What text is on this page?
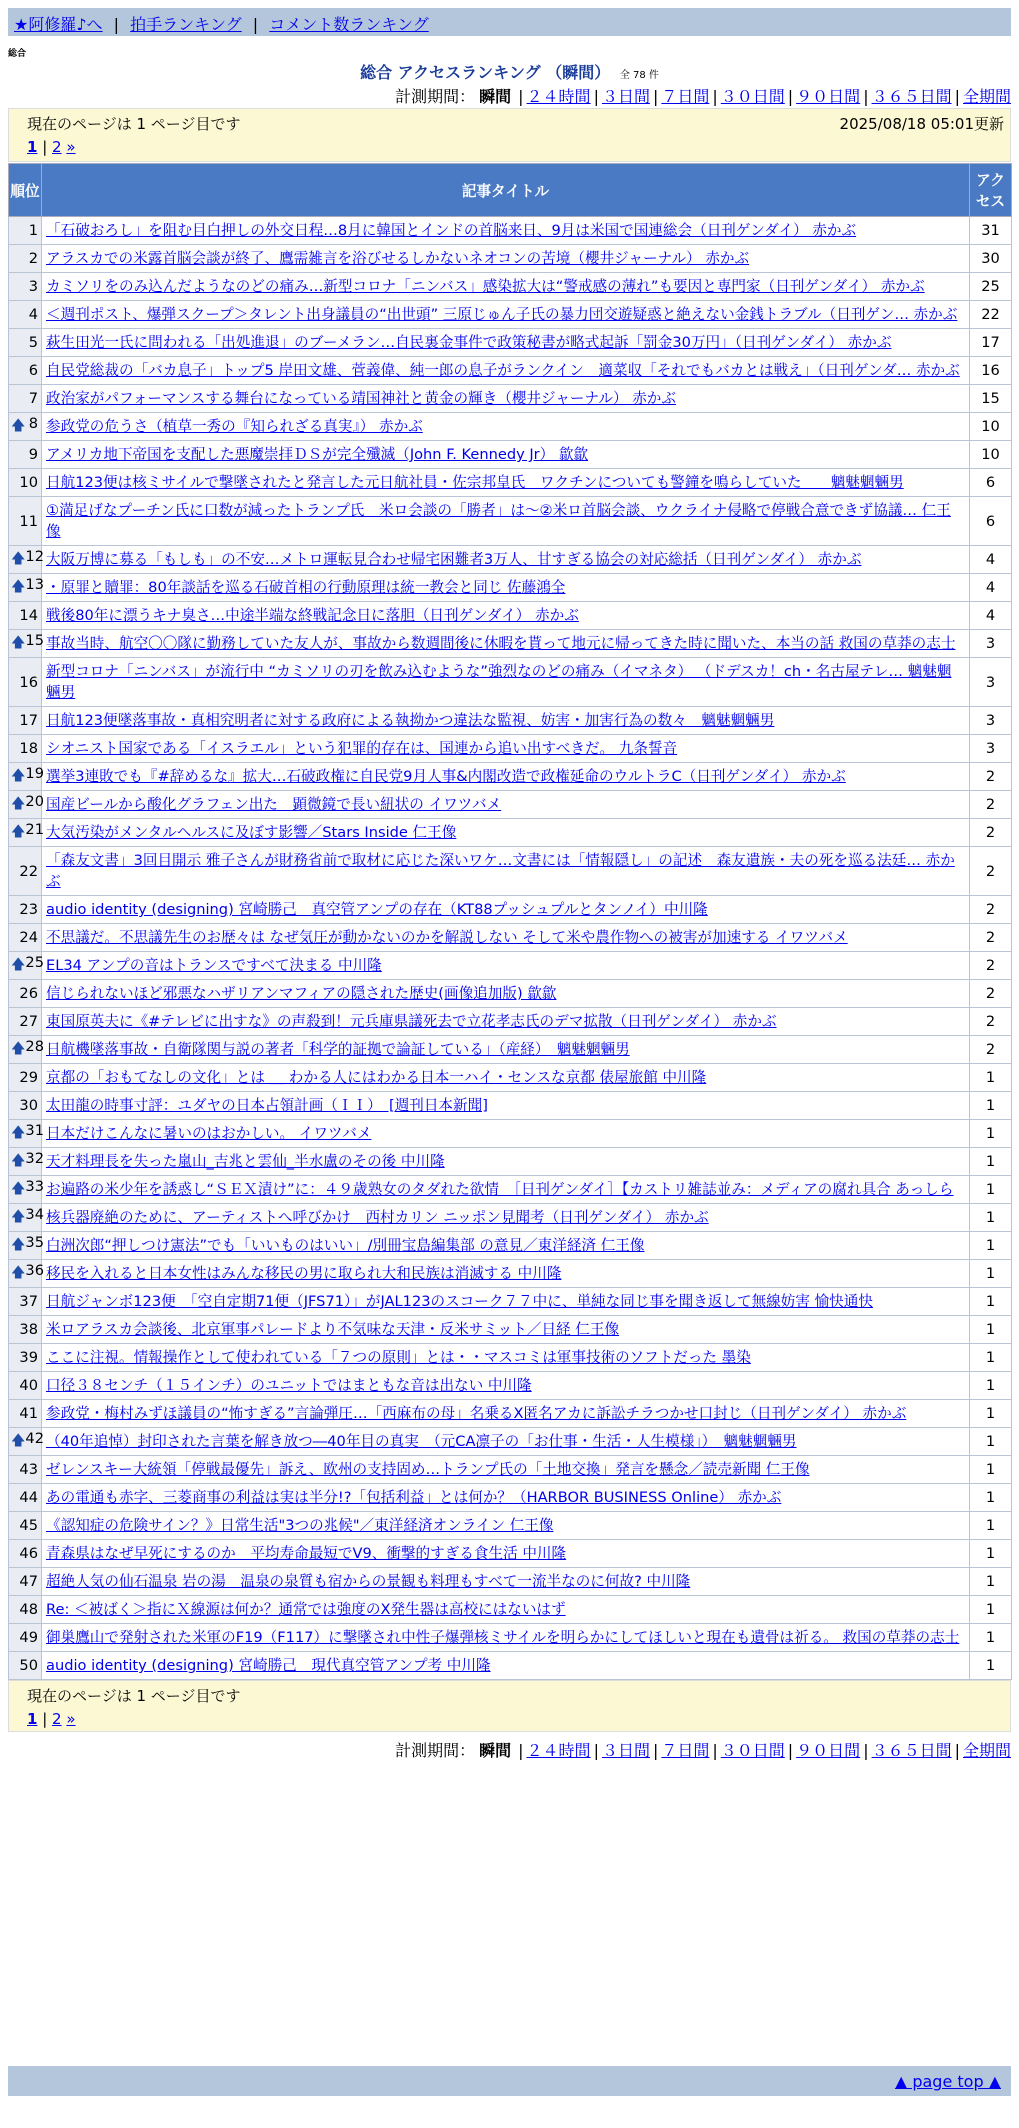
★阿修羅♪へ | 拍手ランキング | コメント数ランキング
総合
総合 アクセスランキング （瞬間） 全 78 件
計測期間： 瞬間 | ２４時間 | ３日間 | ７日間 | ３０日間 | ９０日間 | ３６５日間 | 全期間
現在のページは 1 ページ目です	2025/08/18 05:01更新
1 | 2 »
順位	記事タイトル	アクセス
1	「石破おろし」を阻む目白押しの外交日程…8月に韓国とインドの首脳来日、9月は米国で国連総会（日刊ゲンダイ） 赤かぶ	31
2	アラスカでの米露首脳会談が終了、鷹需雑言を浴びせるしかないネオコンの苦境（櫻井ジャーナル） 赤かぶ	30
3	カミソリをのみ込んだようなのどの痛み…新型コロナ「ニンバス」感染拡大は“警戒感の薄れ”も要因と専門家（日刊ゲンダイ） 赤かぶ	25
4	＜週刊ポスト、爆弾スクープ＞タレント出身議員の“出世頭” 三原じゅん子氏の暴力団交遊疑惑と絶えない金銭トラブル（日刊ゲン… 赤かぶ	22
5	萩生田光一氏に問われる「出処進退」のブーメラン…自民裏金事件で政策秘書が略式起訴「罰金30万円」（日刊ゲンダイ） 赤かぶ	17
6	自民党総裁の「バカ息子」トップ5 岸田文雄、菅義偉、純一郎の息子がランクイン　適菜収「それでもバカとは戦え」（日刊ゲンダ… 赤かぶ	16
7	政治家がパフォーマンスする舞台になっている靖国神社と黄金の輝き（櫻井ジャーナル） 赤かぶ	15

🡅 8	参政党の危うさ（植草一秀の『知られざる真実』） 赤かぶ	10
9	アメリカ地下帝国を支配した悪魔崇拝ＤＳが完全殲滅（John F. Kennedy Jr） 歙歙	10
10	日航123便は核ミサイルで撃墜されたと発言した元日航社員・佐宗邦皇氏　ワクチンについても警鐘を鳴らしていた　　魑魅魍魎男	6
11	①満足げなプーチン氏に口数が減ったトランプ氏　米ロ会談の「勝者」は～②米ロ首脳会談、ウクライナ侵略で停戦合意できず協議… 仁王像	6

🡅 12	大阪万博に募る「もしも」の不安…メトロ運転見合わせ帰宅困難者3万人、甘すぎる協会の対応総括（日刊ゲンダイ） 赤かぶ	4

🡅 13	・原罪と贖罪：80年談話を巡る石破首相の行動原理は統一教会と同じ 佐藤鴻全	4
14	戦後80年に漂うキナ臭さ…中途半端な終戦記念日に落胆（日刊ゲンダイ） 赤かぶ	4

🡅 15	事故当時、航空〇〇隊に勤務していた友人が、事故から数週間後に休暇を貰って地元に帰ってきた時に聞いた、本当の話 救国の草莽の志士	3
16	新型コロナ「ニンバス」が流行中 “カミソリの刃を飲み込むような”強烈なのどの痛み（イマネタ） （ドデスカ！ch・名古屋テレ… 魑魅魍魎男	3
17	日航123便墜落事故・真相究明者に対する政府による執拗かつ違法な監視、妨害・加害行為の数々　魑魅魍魎男	3
18	シオニスト国家である「イスラエル」という犯罪的存在は、国連から追い出すべきだ。 九条誓音	3

🡅 19	選挙3連敗でも『#辞めるな』拡大…石破政権に自民党9月人事&内閣改造で政権延命のウルトラC（日刊ゲンダイ） 赤かぶ	2

🡅 20	国産ビールから酸化グラフェン出た　顕微鏡で長い紐状の イワツバメ	2

🡅 21	大気汚染がメンタルヘルスに及ぼす影響／Stars Inside 仁王像	2
22	「森友文書」3回目開示 雅子さんが財務省前で取材に応じた深いワケ…文書には「情報隠し」の記述　森友遺族・夫の死を巡る法廷… 赤かぶ	2
23	audio identity (designing) 宮崎勝己　真空管アンプの存在（KT88プッシュプルとタンノイ）中川隆	2
24	不思議だ。不思議先生のお歴々は なぜ気圧が動かないのかを解説しない そして米や農作物への被害が加速する イワツバメ	2

🡅 25	EL34 アンプの音はトランスですべて決まる 中川隆	2
26	信じられないほど邪悪なハザリアンマフィアの隠された歴史(画像追加版) 歙歙	2
27	東国原英夫に《#テレビに出すな》の声殺到！元兵庫県議死去で立花孝志氏のデマ拡散（日刊ゲンダイ） 赤かぶ	2

🡅 28	日航機墜落事故・自衛隊関与説の著者「科学的証拠で論証している」（産経）　魑魅魍魎男	2
29	京都の「おもてなしの文化」とは ＿ わかる人にはわかる日本一ハイ・センスな京都 俵屋旅館 中川隆	1
30	太田龍の時事寸評：ユダヤの日本占領計画（ＩＩ）　[週刊日本新聞]	1

🡅 31	日本だけこんなに暑いのはおかしい。 イワツバメ	1

🡅 32	天才料理長を失った嵐山_吉兆と雲仙_半水盧のその後 中川隆	1

🡅 33	お遍路の米少年を誘惑し“ＳＥＸ漬け”に：４９歳熟女のタダれた欲情　［日刊ゲンダイ］【カストリ雑誌並み：メディアの腐れ具合 あっしら	1

🡅 34	核兵器廃絶のために、アーティストへ呼びかけ　西村カリン ニッポン見聞考（日刊ゲンダイ） 赤かぶ	1

🡅 35	白洲次郎“押しつけ憲法”でも「いいものはいい」/別冊宝島編集部 の意見／東洋経済 仁王像	1

🡅 36	移民を入れると日本女性はみんな移民の男に取られ大和民族は消滅する 中川隆	1
37	日航ジャンボ123便　「空自定期71便（JFS71）」がJAL123のスコーク７７中に、単純な同じ事を聞き返して無線妨害 愉快通快	1
38	米ロアラスカ会談後、北京軍事パレードより不気味な天津・反米サミット／日経 仁王像	1
39	ここに注視。情報操作として使われている「７つの原則」とは・・マスコミは軍事技術のソフトだった 墨染	1
40	口径３８センチ（１５インチ）のユニットではまともな音は出ない 中川隆	1
41	参政党・梅村みずほ議員の“怖すぎる”言論弾圧…「西麻布の母」名乗るX匿名アカに訴訟チラつかせ口封じ（日刊ゲンダイ） 赤かぶ	1

🡅 42	（40年追悼）封印された言葉を解き放つ―40年目の真実　（元CA凛子の「お仕事・生活・人生模様」）　魑魅魍魎男	1
43	ゼレンスキー大統領「停戦最優先」訴え、欧州の支持固め…トランプ氏の「土地交換」発言を懸念／読売新聞 仁王像	1
44	あの電通も赤字、三菱商事の利益は実は半分!?「包括利益」とは何か？（HARBOR BUSINESS Online） 赤かぶ	1
45	《認知症の危険サイン？》日常生活"3つの兆候"／東洋経済オンライン 仁王像	1
46	青森県はなぜ早死にするのか　平均寿命最短でV9、衝撃的すぎる食生活 中川隆	1
47	超絶人気の仙石温泉 岩の湯　温泉の泉質も宿からの景観も料理もすべて一流半なのに何故? 中川隆	1
48	Re: ＜被ばく＞指にＸ線源は何か？通常では強度のX発生器は高校にはないはず	1
49	御巣鷹山で発射された米軍のF19（F117）に撃墜され中性子爆弾核ミサイルを明らかにしてほしいと現在も遺骨は祈る。 救国の草莽の志士	1
50	audio identity (designing) 宮崎勝己　現代真空管アンプ考 中川隆	1
▲ page top ▲
現在のページは 1 ページ目です
1 | 2 »
計測期間： 瞬間 | ２４時間 | ３日間 | ７日間 | ３０日間 | ９０日間 | ３６５日間 | 全期間
